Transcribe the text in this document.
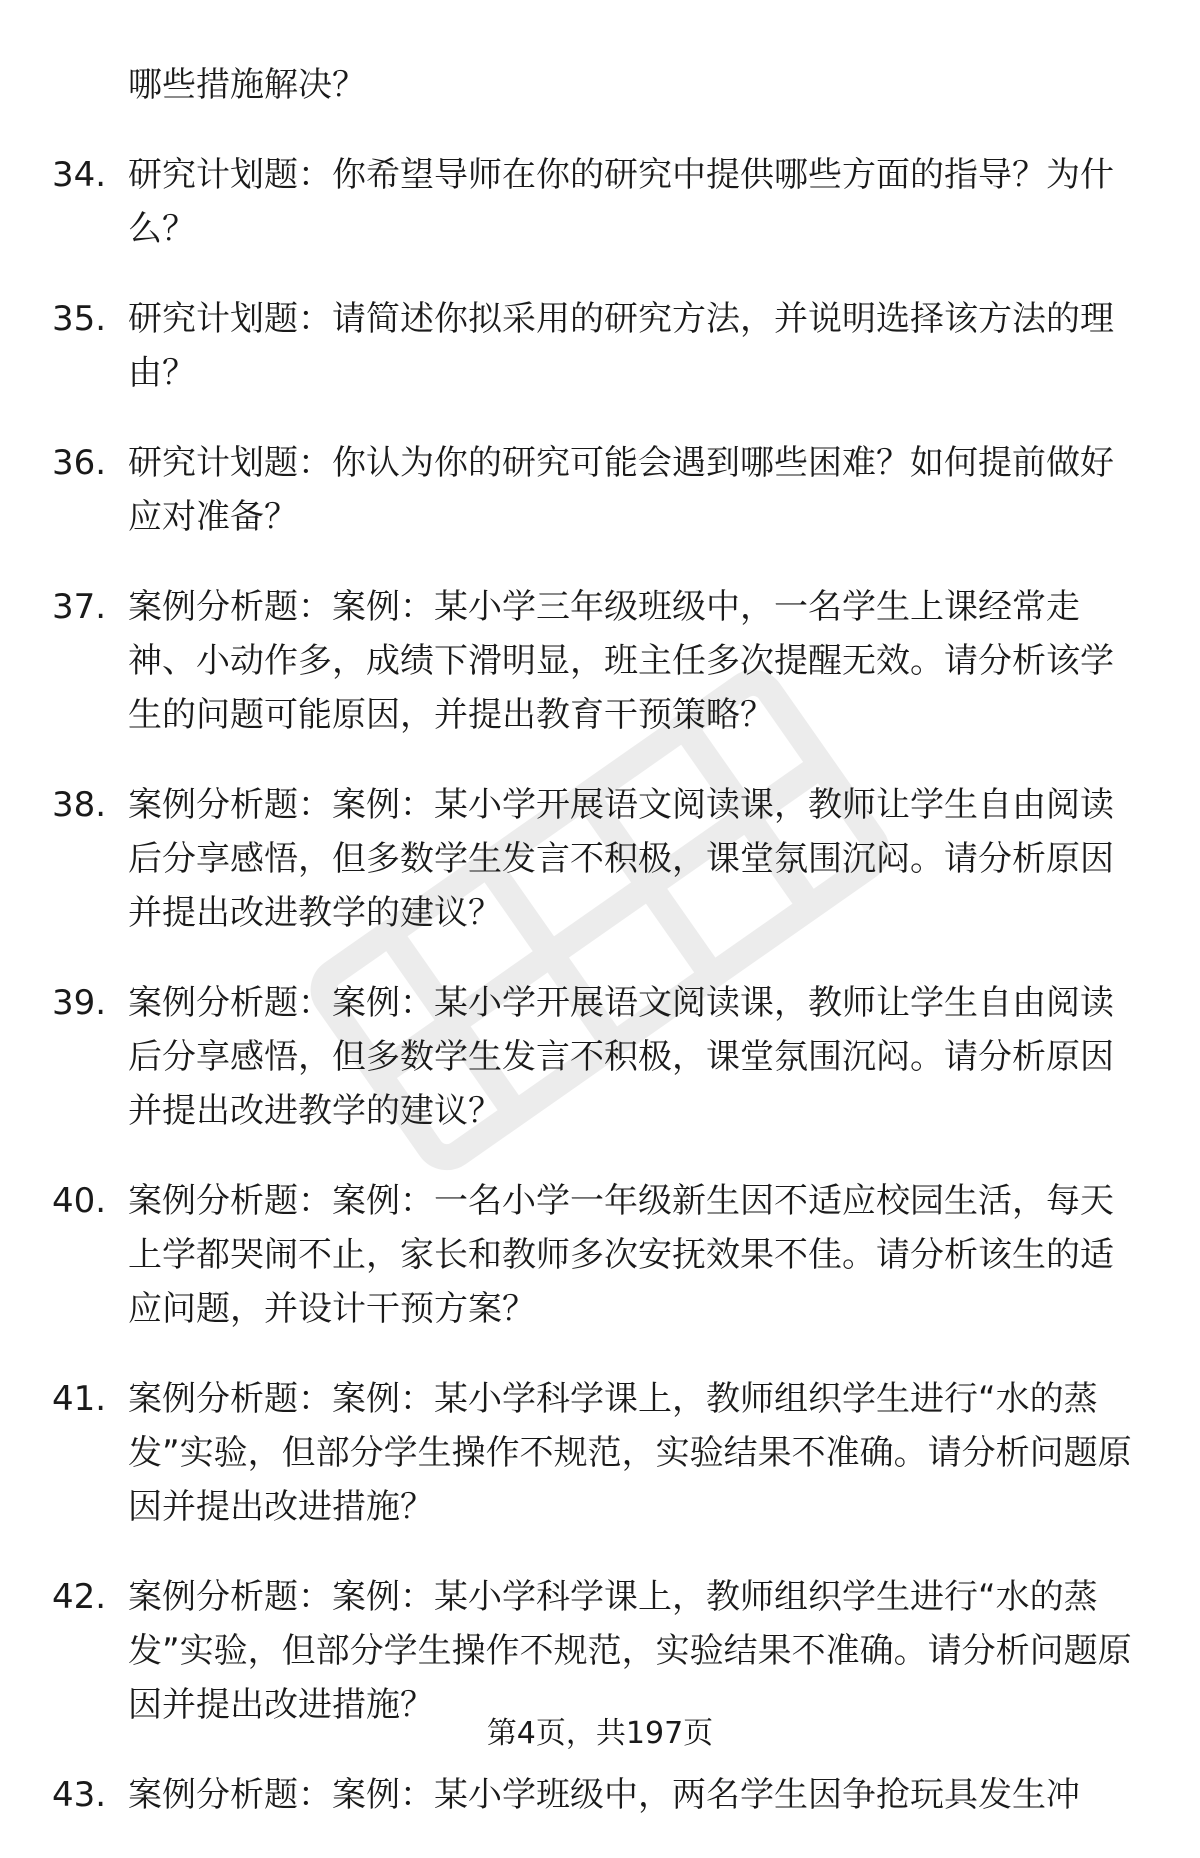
哪些措施解决？
34. 研究计划题：你希望导师在你的研究中提供哪些方面的指导？为什么？
35. 研究计划题：请简述你拟采用的研究方法，并说明选择该方法的理由？
36. 研究计划题：你认为你的研究可能会遇到哪些困难？如何提前做好应对准备？
37. 案例分析题：案例：某小学三年级班级中，一名学生上课经常走神、小动作多，成绩下滑明显，班主任多次提醒无效。请分析该学生的问题可能原因，并提出教育干预策略？
38. 案例分析题：案例：某小学开展语文阅读课，教师让学生自由阅读后分享感悟，但多数学生发言不积极，课堂氛围沉闷。请分析原因并提出改进教学的建议？
39. 案例分析题：案例：某小学开展语文阅读课，教师让学生自由阅读后分享感悟，但多数学生发言不积极，课堂氛围沉闷。请分析原因并提出改进教学的建议？
40. 案例分析题：案例：一名小学一年级新生因不适应校园生活，每天上学都哭闹不止，家长和教师多次安抚效果不佳。请分析该生的适应问题，并设计干预方案？
41. 案例分析题：案例：某小学科学课上，教师组织学生进行“水的蒸发”实验，但部分学生操作不规范，实验结果不准确。请分析问题原因并提出改进措施？
42. 案例分析题：案例：某小学科学课上，教师组织学生进行“水的蒸发”实验，但部分学生操作不规范，实验结果不准确。请分析问题原因并提出改进措施？
43. 案例分析题：案例：某小学班级中，两名学生因争抢玩具发生冲
第4页，共197页
